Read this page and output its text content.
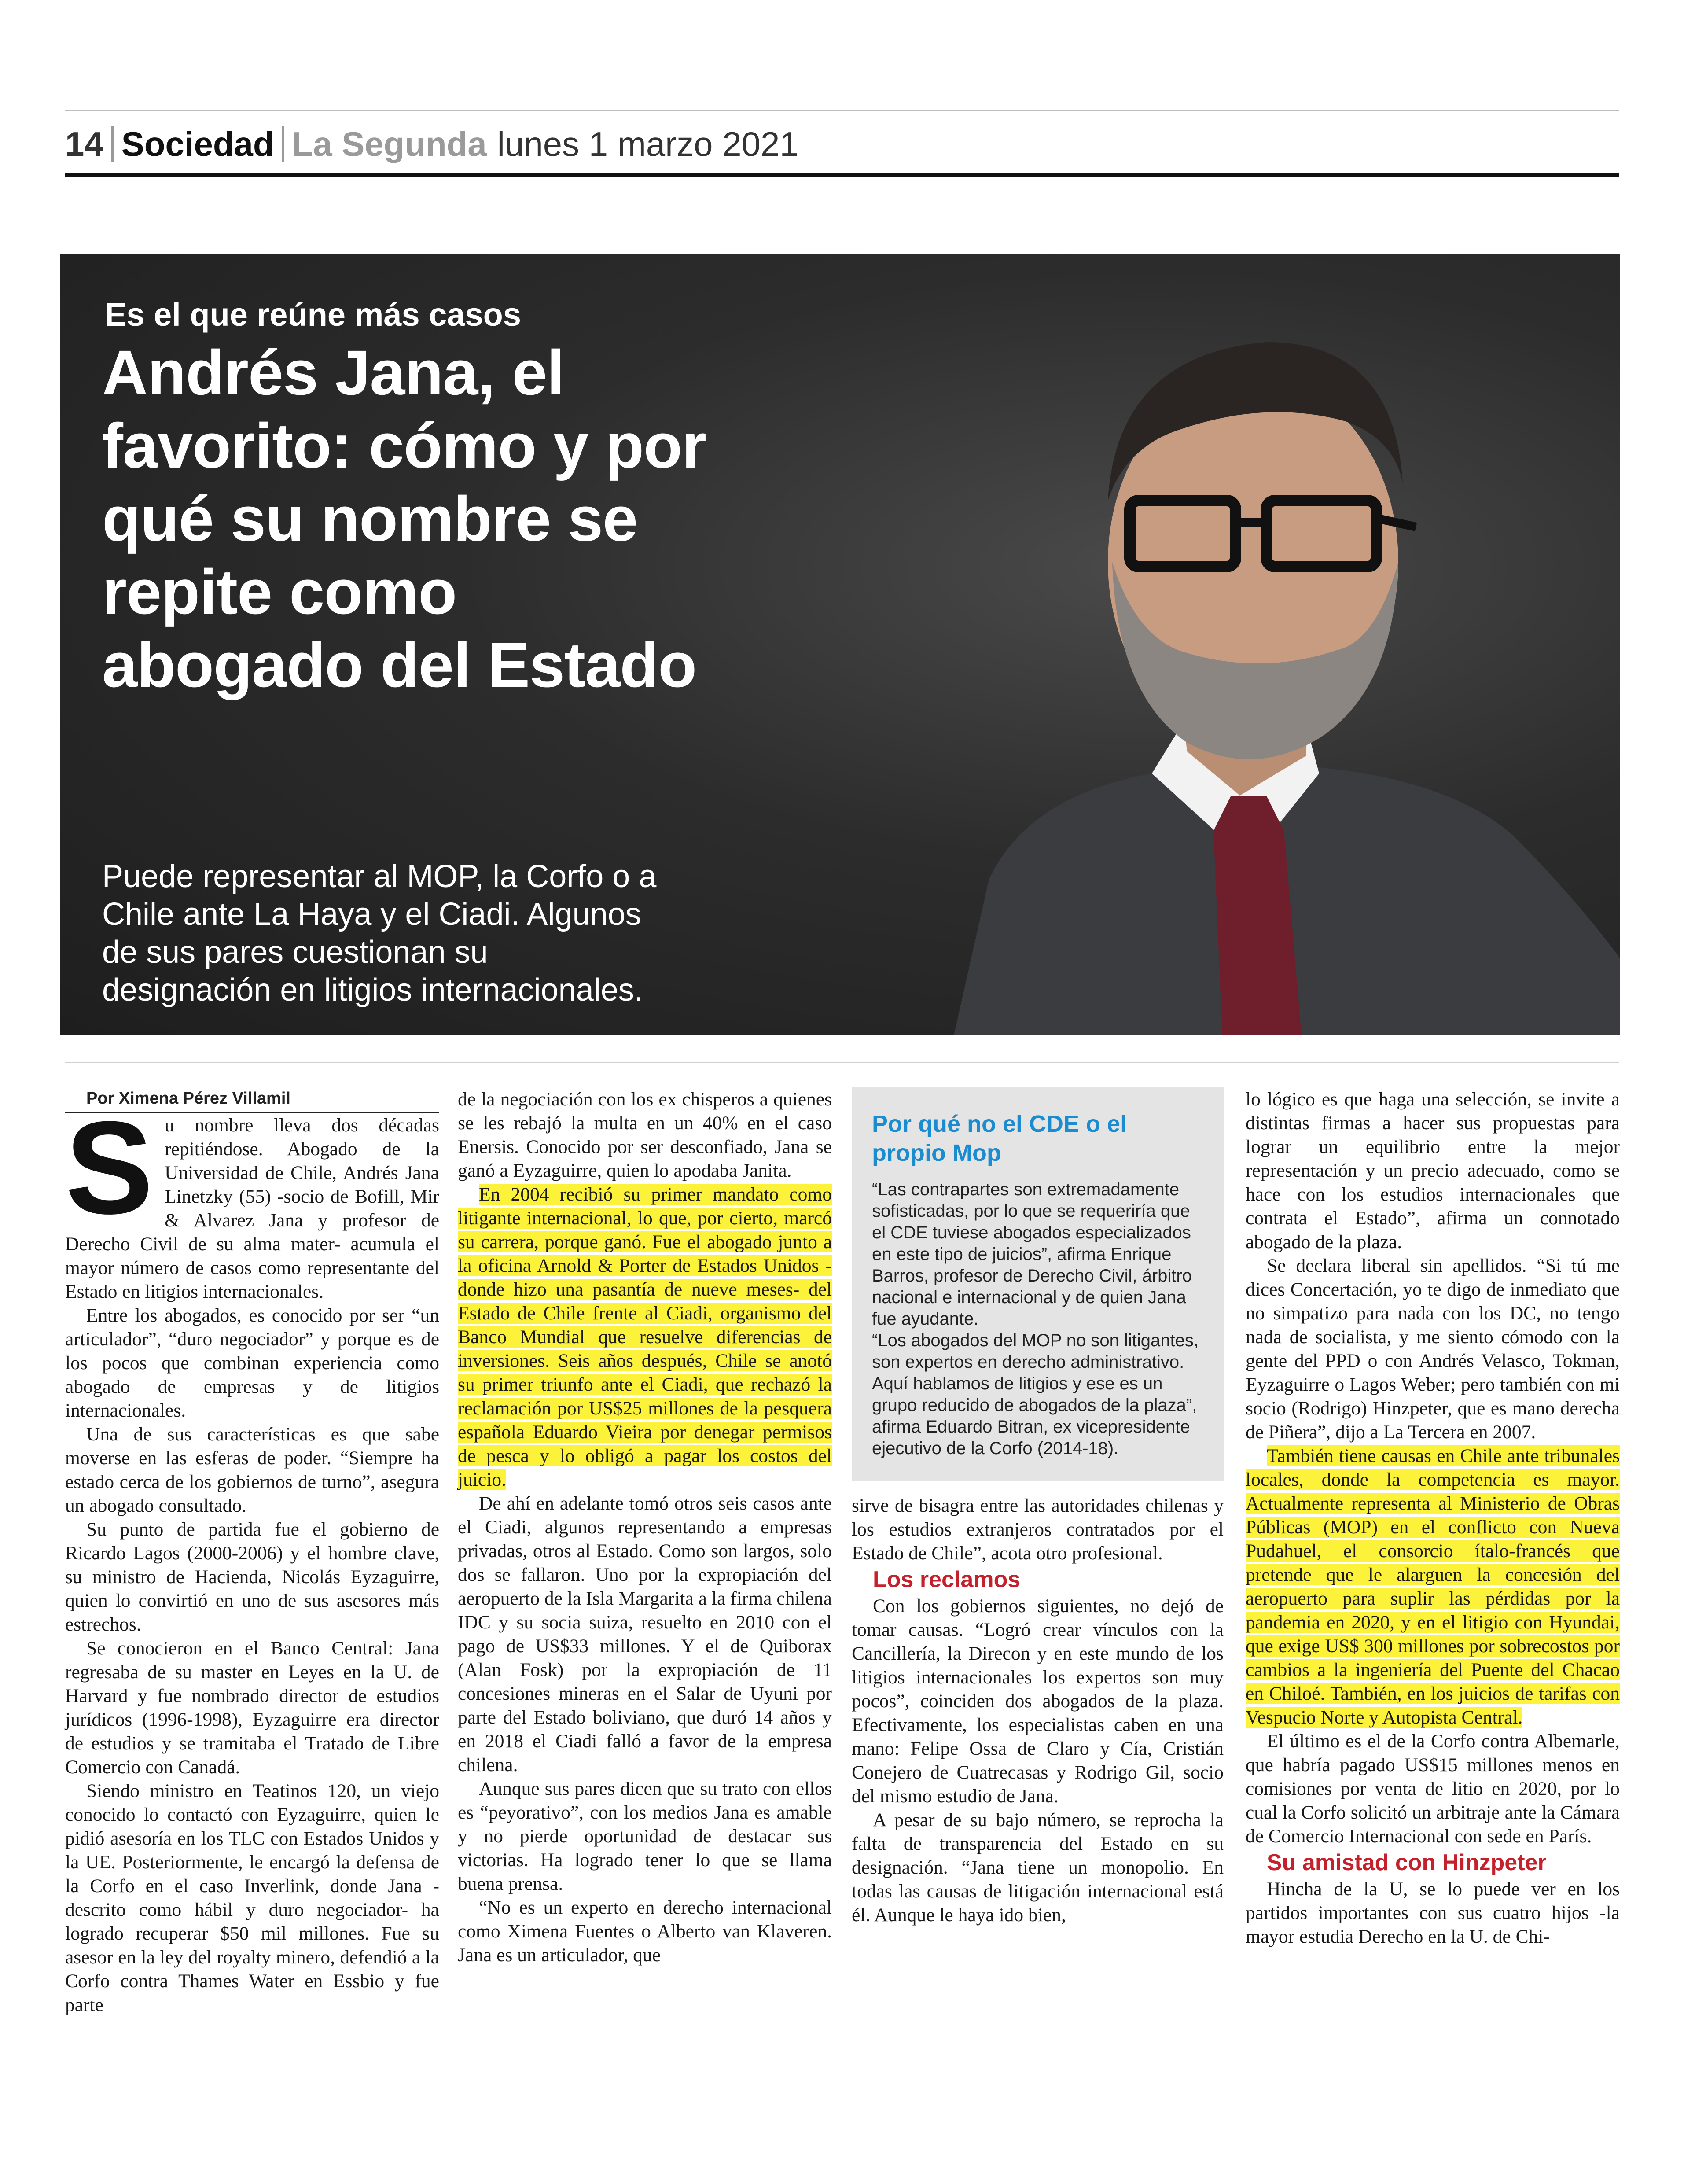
14 Sociedad La Segunda lunes 1 marzo 2021
Es el que reúne más casos
Andrés Jana, el
favorito: cómo y por
qué su nombre se
repite como
abogado del Estado
Puede representar al MOP, la Corfo o a
Chile ante La Haya y el Ciadi. Algunos
de sus pares cuestionan su
designación en litigios internacionales.

Por Ximena Pérez Villamil

Su nombre lleva dos décadas repitiéndose. Abogado de la Universidad de Chile, Andrés Jana Linetzky (55) -socio de Bofill, Mir & Alvarez Jana y profesor de Derecho Civil de su alma mater- acumula el mayor número de casos como representante del Estado en litigios internacionales.

Entre los abogados, es conocido por ser “un articulador”, “duro negociador” y porque es de los pocos que combinan experiencia como abogado de empresas y de litigios internacionales.

Una de sus características es que sabe moverse en las esferas de poder. “Siempre ha estado cerca de los gobiernos de turno”, asegura un abogado consultado.

Su punto de partida fue el gobierno de Ricardo Lagos (2000-2006) y el hombre clave, su ministro de Hacienda, Nicolás Eyzaguirre, quien lo convirtió en uno de sus asesores más estrechos.

Se conocieron en el Banco Central: Jana regresaba de su master en Leyes en la U. de Harvard y fue nombrado director de estudios jurídicos (1996-1998), Eyzaguirre era director de estudios y se tramitaba el Tratado de Libre Comercio con Canadá.

Siendo ministro en Teatinos 120, un viejo conocido lo contactó con Eyzaguirre, quien le pidió asesoría en los TLC con Estados Unidos y la UE. Posteriormente, le encargó la defensa de la Corfo en el caso Inverlink, donde Jana -descrito como hábil y duro negociador- ha logrado recuperar $50 mil millones. Fue su asesor en la ley del royalty minero, defendió a la Corfo contra Thames Water en Essbio y fue parte

de la negociación con los ex chisperos a quienes se les rebajó la multa en un 40% en el caso Enersis. Conocido por ser desconfiado, Jana se ganó a Eyzaguirre, quien lo apodaba Janita.

En 2004 recibió su primer mandato como litigante internacional, lo que, por cierto, marcó su carrera, porque ganó. Fue el abogado junto a la oficina Arnold & Porter de Estados Unidos -donde hizo una pasantía de nueve meses- del Estado de Chile frente al Ciadi, organismo del Banco Mundial que resuelve diferencias de inversiones. Seis años después, Chile se anotó su primer triunfo ante el Ciadi, que rechazó la reclamación por US$25 millones de la pesquera española Eduardo Vieira por denegar permisos de pesca y lo obligó a pagar los costos del juicio.

De ahí en adelante tomó otros seis casos ante el Ciadi, algunos representando a empresas privadas, otros al Estado. Como son largos, solo dos se fallaron. Uno por la expropiación del aeropuerto de la Isla Margarita a la firma chilena IDC y su socia suiza, resuelto en 2010 con el pago de US$33 millones. Y el de Quiborax (Alan Fosk) por la expropiación de 11 concesiones mineras en el Salar de Uyuni por parte del Estado boliviano, que duró 14 años y en 2018 el Ciadi falló a favor de la empresa chilena.

Aunque sus pares dicen que su trato con ellos es “peyorativo”, con los medios Jana es amable y no pierde oportunidad de destacar sus victorias. Ha logrado tener lo que se llama buena prensa.

“No es un experto en derecho internacional como Ximena Fuentes o Alberto van Klaveren. Jana es un articulador, que

Por qué no el CDE o el propio Mop

“Las contrapartes son extremadamente sofisticadas, por lo que se requeriría que el CDE tuviese abogados especializados en este tipo de juicios”, afirma Enrique Barros, profesor de Derecho Civil, árbitro nacional e internacional y de quien Jana fue ayudante.

“Los abogados del MOP no son litigantes, son expertos en derecho administrativo. Aquí hablamos de litigios y ese es un grupo reducido de abogados de la plaza”, afirma Eduardo Bitran, ex vicepresidente ejecutivo de la Corfo (2014-18).

sirve de bisagra entre las autoridades chilenas y los estudios extranjeros contratados por el Estado de Chile”, acota otro profesional.

Los reclamos

Con los gobiernos siguientes, no dejó de tomar causas. “Logró crear vínculos con la Cancillería, la Direcon y en este mundo de los litigios internacionales los expertos son muy pocos”, coinciden dos abogados de la plaza. Efectivamente, los especialistas caben en una mano: Felipe Ossa de Claro y Cía, Cristián Conejero de Cuatrecasas y Rodrigo Gil, socio del mismo estudio de Jana.

A pesar de su bajo número, se reprocha la falta de transparencia del Estado en su designación. “Jana tiene un monopolio. En todas las causas de litigación internacional está él. Aunque le haya ido bien,

lo lógico es que haga una selección, se invite a distintas firmas a hacer sus propuestas para lograr un equilibrio entre la mejor representación y un precio adecuado, como se hace con los estudios internacionales que contrata el Estado”, afirma un connotado abogado de la plaza.

Se declara liberal sin apellidos. “Si tú me dices Concertación, yo te digo de inmediato que no simpatizo para nada con los DC, no tengo nada de socialista, y me siento cómodo con la gente del PPD o con Andrés Velasco, Tokman, Eyzaguirre o Lagos Weber; pero también con mi socio (Rodrigo) Hinzpeter, que es mano derecha de Piñera”, dijo a La Tercera en 2007.

También tiene causas en Chile ante tribunales locales, donde la competencia es mayor. Actualmente representa al Ministerio de Obras Públicas (MOP) en el conflicto con Nueva Pudahuel, el consorcio ítalo-francés que pretende que le alarguen la concesión del aeropuerto para suplir las pérdidas por la pandemia en 2020, y en el litigio con Hyundai, que exige US$ 300 millones por sobrecostos por cambios a la ingeniería del Puente del Chacao en Chiloé. También, en los juicios de tarifas con Vespucio Norte y Autopista Central.

El último es el de la Corfo contra Albemarle, que habría pagado US$15 millones menos en comisiones por venta de litio en 2020, por lo cual la Corfo solicitó un arbitraje ante la Cámara de Comercio Internacional con sede en París.

Su amistad con Hinzpeter

Hincha de la U, se lo puede ver en los partidos importantes con sus cuatro hijos -la mayor estudia Derecho en la U. de Chi-
